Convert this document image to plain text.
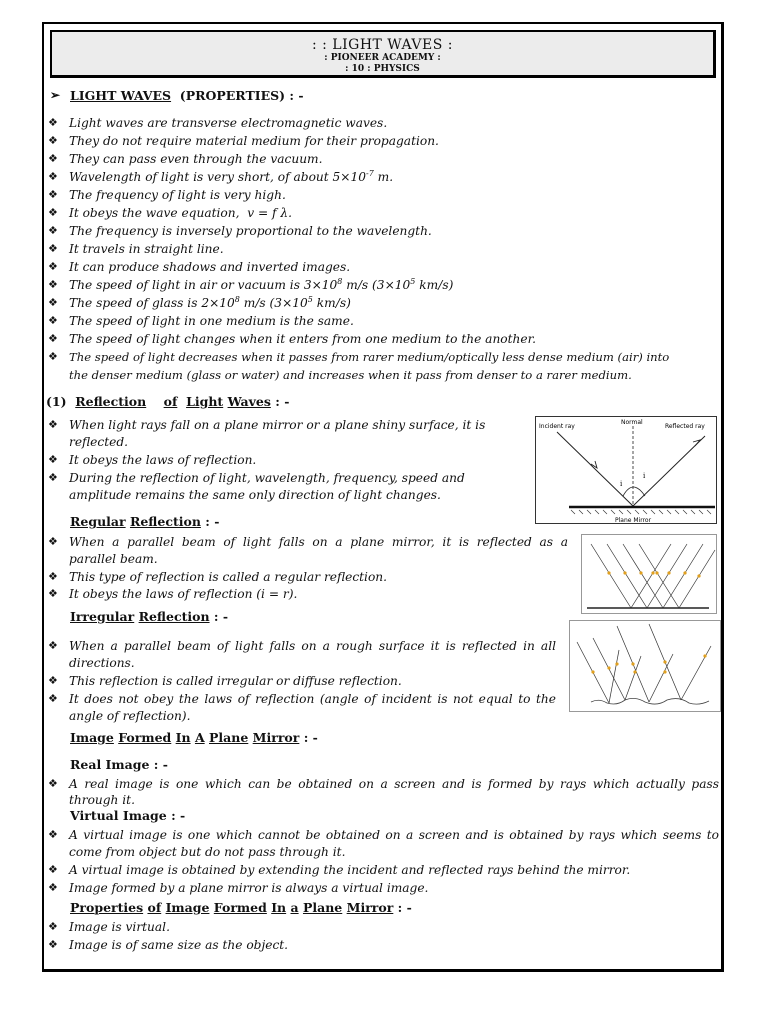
: : LIGHT WAVES :
: PIONEER ACADEMY :
: 10 : PHYSICS
➢ LIGHT WAVES (PROPERTIES) : -
❖ Light waves are transverse electromagnetic waves.
❖ They do not require material medium for their propagation.
❖ They can pass even through the vacuum.
❖ Wavelength of light is very short, of about $5\times 10^{-7}$ m.
❖ The frequency of light is very high.
❖ It obeys the wave equation, v = f λ.
❖ The frequency is inversely proportional to the wavelength.
❖ It travels in straight line.
❖ It can produce shadows and inverted images.
❖ The speed of light in air or vacuum is $3\times 10^8$ m/s ($3\times 10^5$ km/s)
❖ The speed of glass is $2\times 10^8$ m/s ($3\times 10^5$ km/s)
❖ The speed of light in one medium is the same.
❖ The speed of light changes when it enters from one medium to the another.
❖ The speed of light decreases when it passes from rarer medium/optically less dense medium (air) into
the denser medium (glass or water) and increases when it pass from denser to a rarer medium.
(1) Reflection of Light Waves : -
❖ When light rays fall on a plane mirror or a plane shiny surface, it is
reflected.
❖ It obeys the laws of reflection.
❖ During the reflection of light, wavelength, frequency, speed and
amplitude remains the same only direction of light changes.
Incident ray
Normal
Reflected ray
i
i
Plane Mirror
Regular Reflection : -
❖ When a parallel beam of light falls on a plane mirror, it is reflected as a
parallel beam.
❖ This type of reflection is called a regular reflection.
❖ It obeys the laws of reflection (i = r).
Irregular Reflection : -
❖ When a parallel beam of light falls on a rough surface it is reflected in all
directions.
❖ This reflection is called irregular or diffuse reflection.
❖ It does not obey the laws of reflection (angle of incident is not equal to the
angle of reflection).
Image Formed In A Plane Mirror : -
Real Image : -
❖ A real image is one which can be obtained on a screen and is formed by rays which actually pass
through it.
Virtual Image : -
❖ A virtual image is one which cannot be obtained on a screen and is obtained by rays which seems to
come from object but do not pass through it.
❖ A virtual image is obtained by extending the incident and reflected rays behind the mirror.
❖ Image formed by a plane mirror is always a virtual image.
Properties of Image Formed In a Plane Mirror : -
❖ Image is virtual.
❖ Image is of same size as the object.
